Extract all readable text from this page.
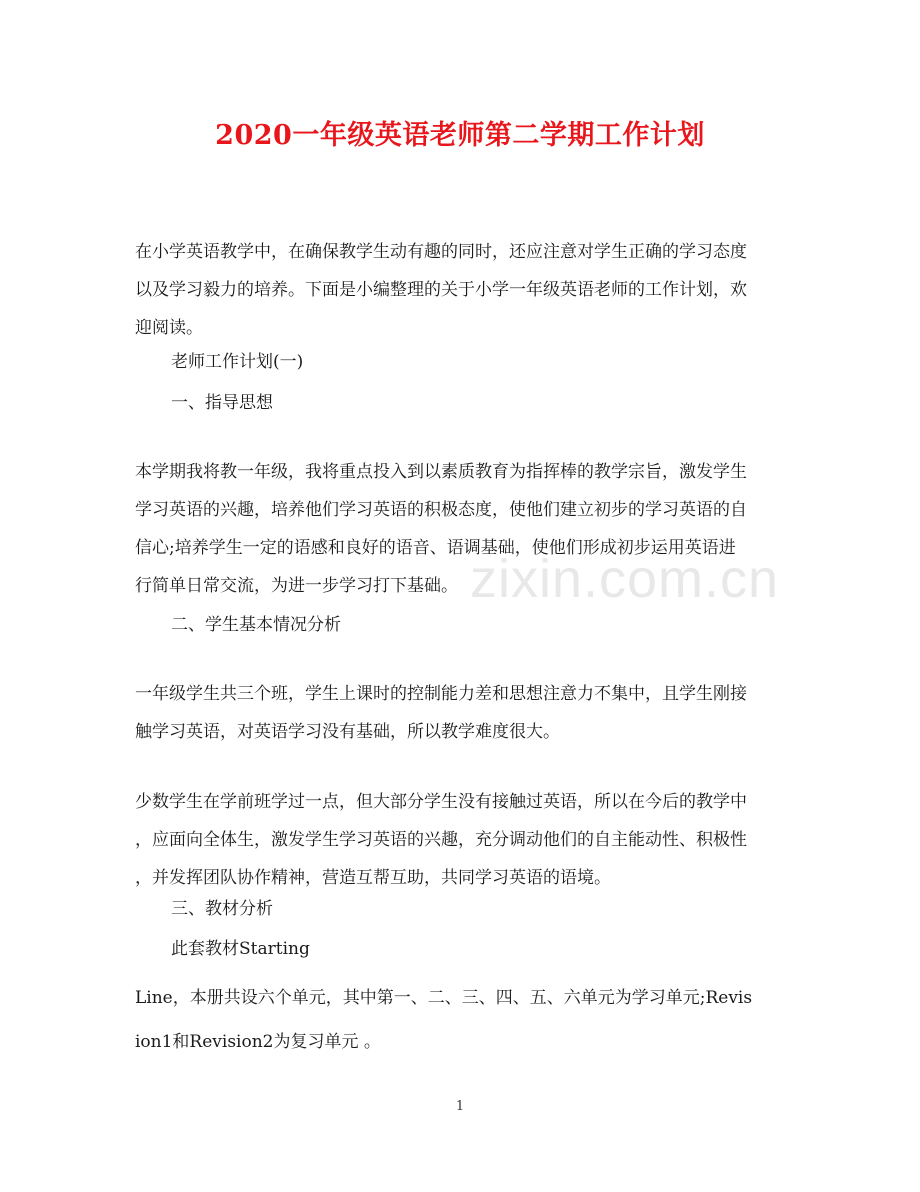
2020一年级英语老师第二学期工作计划
在小学英语教学中，在确保教学生动有趣的同时，还应注意对学生正确的学习态度
以及学习毅力的培养。下面是小编整理的关于小学一年级英语老师的工作计划，欢
迎阅读。
老师工作计划(一)
一、指导思想
本学期我将教一年级，我将重点投入到以素质教育为指挥棒的教学宗旨，激发学生
学习英语的兴趣，培养他们学习英语的积极态度，使他们建立初步的学习英语的自
信心;培养学生一定的语感和良好的语音、语调基础，使他们形成初步运用英语进
行简单日常交流，为进一步学习打下基础。
二、学生基本情况分析
一年级学生共三个班，学生上课时的控制能力差和思想注意力不集中，且学生刚接
触学习英语，对英语学习没有基础，所以教学难度很大。
少数学生在学前班学过一点，但大部分学生没有接触过英语，所以在今后的教学中
，应面向全体生，激发学生学习英语的兴趣，充分调动他们的自主能动性、积极性
，并发挥团队协作精神，营造互帮互助，共同学习英语的语境。
三、教材分析
此套教材Starting
Line，本册共设六个单元，其中第一、二、三、四、五、六单元为学习单元;Revis
ion1和Revision2为复习单元 。
zixin.com.cn
1
